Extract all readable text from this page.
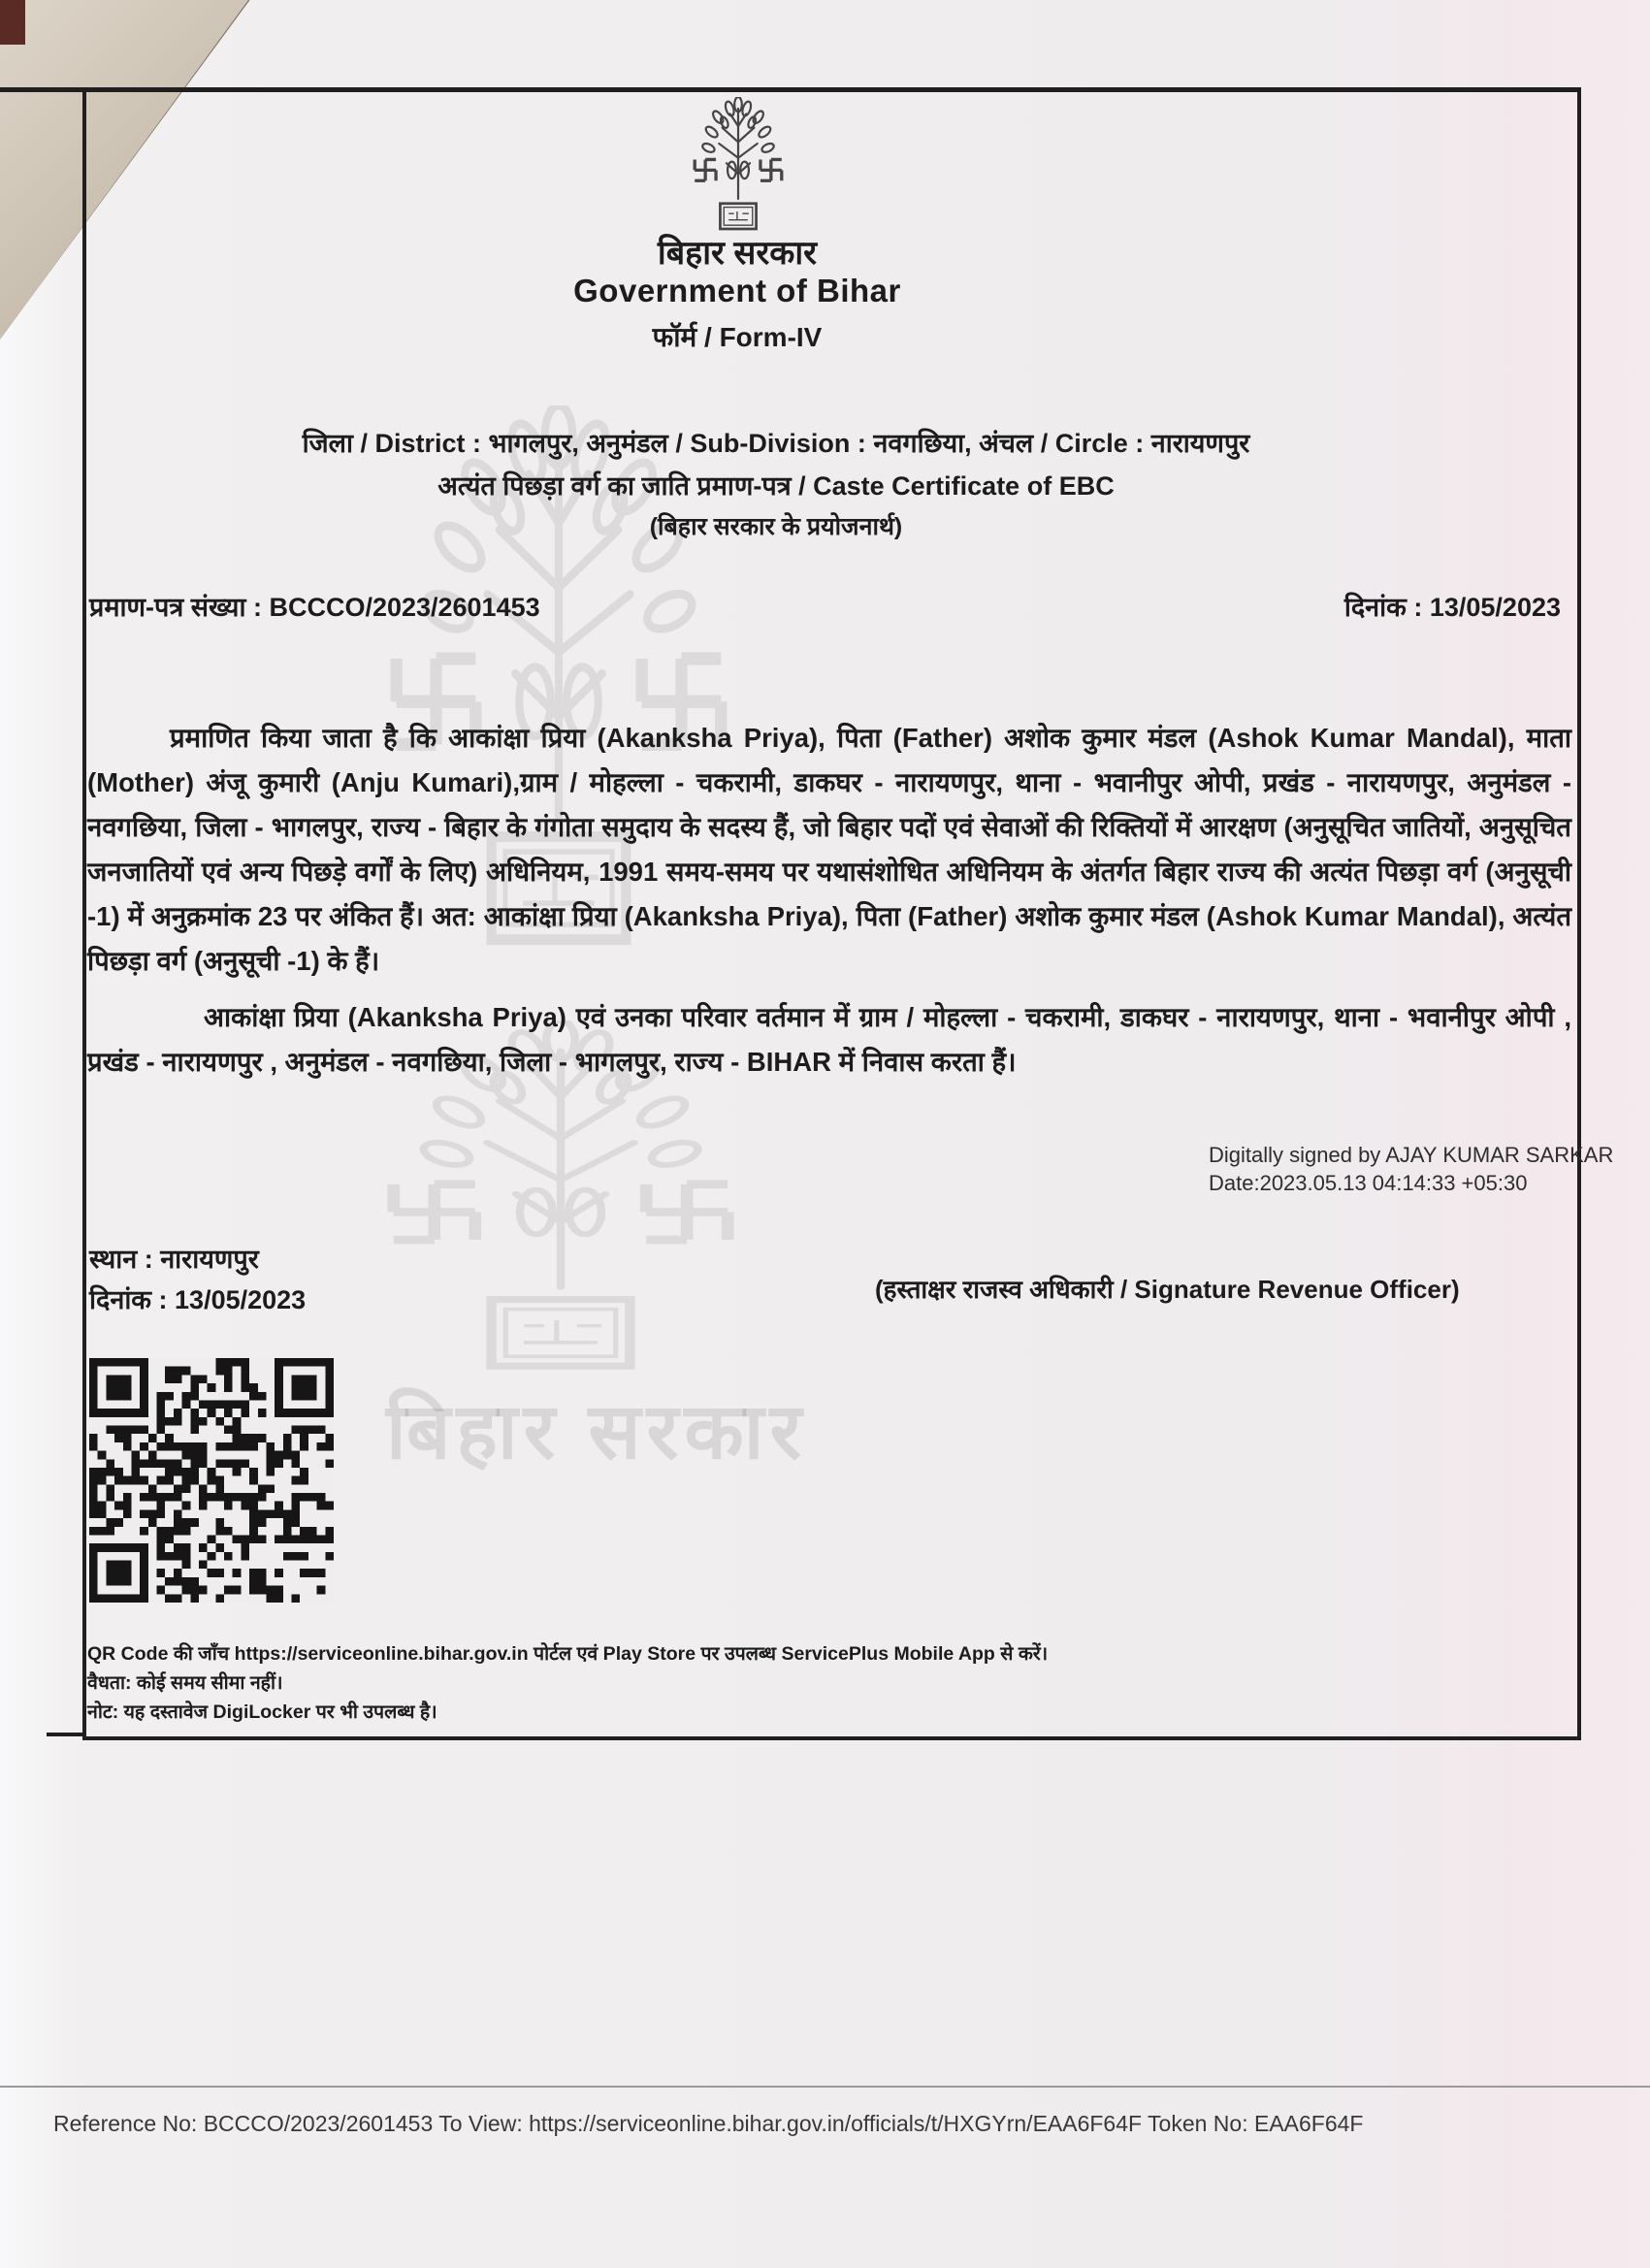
बिहार सरकार
बिहार सरकार
Government of Bihar
फॉर्म / Form-IV
जिला / District : भागलपुर, अनुमंडल / Sub-Division : नवगछिया, अंचल / Circle : नारायणपुर
अत्यंत पिछड़ा वर्ग का जाति प्रमाण-पत्र / Caste Certificate of EBC
(बिहार सरकार के प्रयोजनार्थ)
प्रमाण-पत्र संख्या : BCCCO/2023/2601453	दिनांक : 13/05/2023
प्रमाणित किया जाता है कि आकांक्षा प्रिया (Akanksha Priya), पिता (Father) अशोक कुमार मंडल (Ashok Kumar Mandal), माता (Mother) अंजू कुमारी (Anju Kumari),ग्राम / मोहल्ला - चकरामी, डाकघर - नारायणपुर, थाना - भवानीपुर ओपी, प्रखंड - नारायणपुर, अनुमंडल - नवगछिया, जिला - भागलपुर, राज्य - बिहार के गंगोता समुदाय के सदस्य हैं, जो बिहार पदों एवं सेवाओं की रिक्तियों में आरक्षण (अनुसूचित जातियों, अनुसूचित जनजातियों एवं अन्य पिछड़े वर्गों के लिए) अधिनियम, 1991 समय-समय पर यथासंशोधित अधिनियम के अंतर्गत बिहार राज्य की अत्यंत पिछड़ा वर्ग (अनुसूची -1) में अनुक्रमांक 23 पर अंकित हैं। अत: आकांक्षा प्रिया (Akanksha Priya), पिता (Father) अशोक कुमार मंडल (Ashok Kumar Mandal), अत्यंत पिछड़ा वर्ग (अनुसूची -1) के हैं।
आकांक्षा प्रिया (Akanksha Priya) एवं उनका परिवार वर्तमान में ग्राम / मोहल्ला - चकरामी, डाकघर - नारायणपुर, थाना - भवानीपुर ओपी , प्रखंड - नारायणपुर , अनुमंडल - नवगछिया, जिला - भागलपुर, राज्य - BIHAR में निवास करता हैं।
Digitally signed by AJAY KUMAR SARKAR
Date:2023.05.13 04:14:33 +05:30
स्थान : नारायणपुर
दिनांक : 13/05/2023	(हस्ताक्षर राजस्व अधिकारी / Signature Revenue Officer)
QR Code की जाँच https://serviceonline.bihar.gov.in पोर्टल एवं Play Store पर उपलब्ध ServicePlus Mobile App से करें।
वैधता: कोई समय सीमा नहीं।
नोट: यह दस्तावेज DigiLocker पर भी उपलब्ध है।
Reference No: BCCCO/2023/2601453 To View: https://serviceonline.bihar.gov.in/officials/t/HXGYrn/EAA6F64F Token No: EAA6F64F
